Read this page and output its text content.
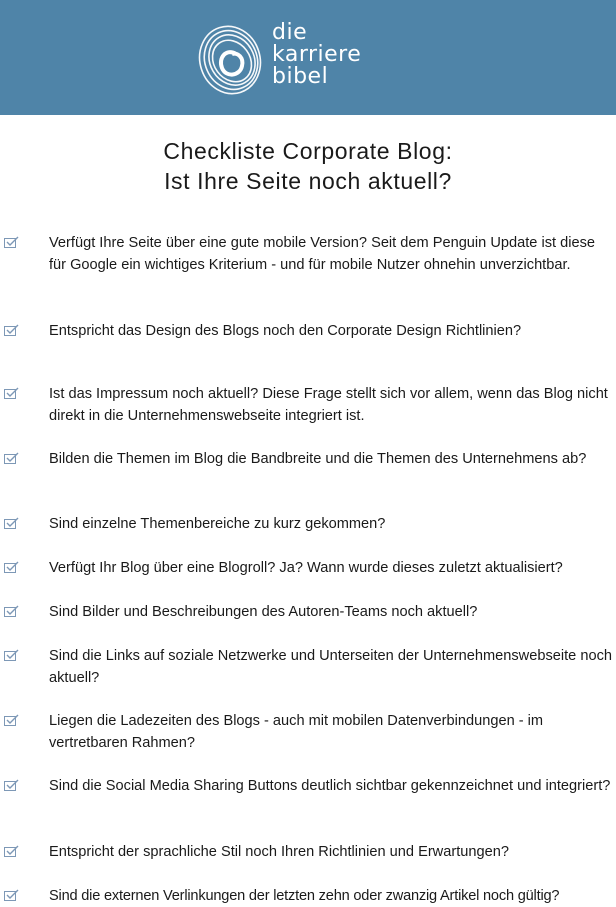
die
karriere
bibel
Checkliste Corporate Blog:
Ist Ihre Seite noch aktuell?
Verfügt Ihre Seite über eine gute mobile Version? Seit dem Penguin Update ist diese für Google ein wichtiges Kriterium - und für mobile Nutzer ohnehin unverzichtbar.
Entspricht das Design des Blogs noch den Corporate Design Richtlinien?
Ist das Impressum noch aktuell? Diese Frage stellt sich vor allem, wenn das Blog nicht direkt in die Unternehmenswebseite integriert ist.
Bilden die Themen im Blog die Bandbreite und die Themen des Unternehmens ab?
Sind einzelne Themenbereiche zu kurz gekommen?
Verfügt Ihr Blog über eine Blogroll? Ja? Wann wurde dieses zuletzt aktualisiert?
Sind Bilder und Beschreibungen des Autoren-Teams noch aktuell?
Sind die Links auf soziale Netzwerke und Unterseiten der Unternehmenswebseite noch aktuell?
Liegen die Ladezeiten des Blogs - auch mit mobilen Datenverbindungen - im vertretbaren Rahmen?
Sind die Social Media Sharing Buttons deutlich sichtbar gekennzeichnet und integriert?
Entspricht der sprachliche Stil noch Ihren Richtlinien und Erwartungen?
Sind die externen Verlinkungen der letzten zehn oder zwanzig Artikel noch gültig?
